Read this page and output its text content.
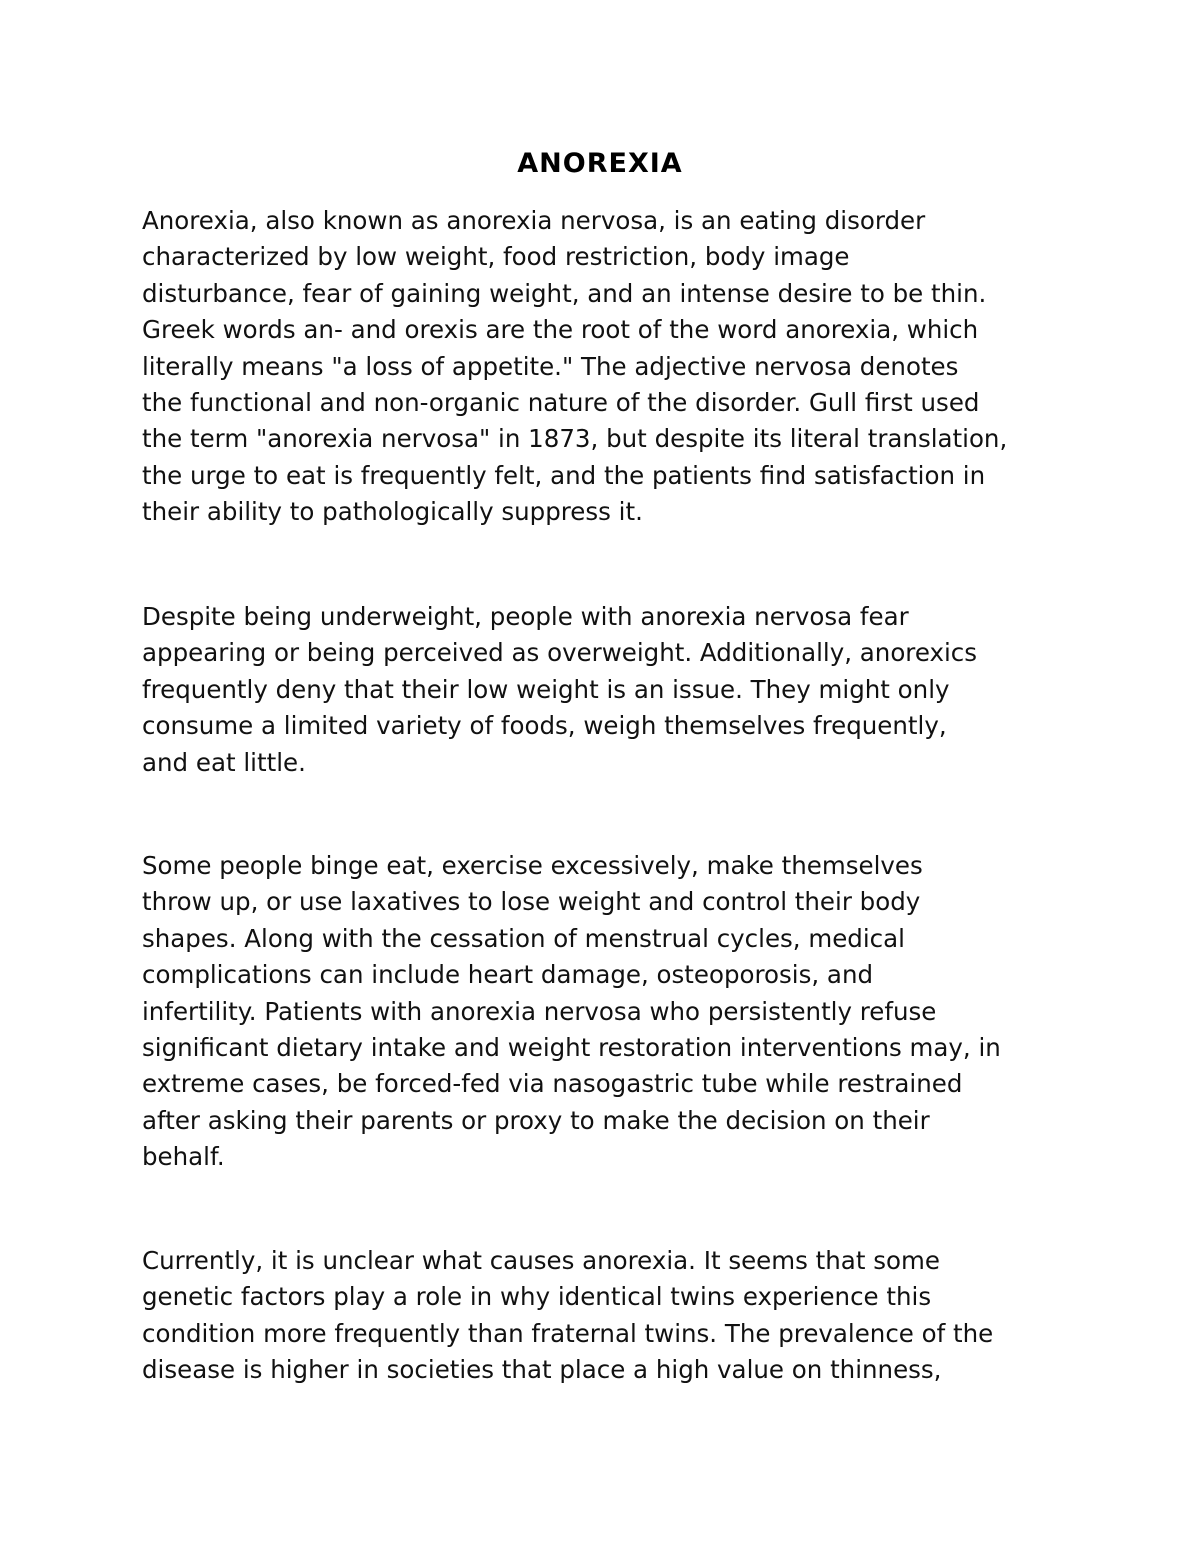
ANOREXIA

Anorexia, also known as anorexia nervosa, is an eating disorder
characterized by low weight, food restriction, body image
disturbance, fear of gaining weight, and an intense desire to be thin.
Greek words an- and orexis are the root of the word anorexia, which
literally means "a loss of appetite." The adjective nervosa denotes
the functional and non-organic nature of the disorder. Gull first used
the term "anorexia nervosa" in 1873, but despite its literal translation,
the urge to eat is frequently felt, and the patients find satisfaction in
their ability to pathologically suppress it.

Despite being underweight, people with anorexia nervosa fear
appearing or being perceived as overweight. Additionally, anorexics
frequently deny that their low weight is an issue. They might only
consume a limited variety of foods, weigh themselves frequently,
and eat little.

Some people binge eat, exercise excessively, make themselves
throw up, or use laxatives to lose weight and control their body
shapes. Along with the cessation of menstrual cycles, medical
complications can include heart damage, osteoporosis, and
infertility. Patients with anorexia nervosa who persistently refuse
significant dietary intake and weight restoration interventions may, in
extreme cases, be forced-fed via nasogastric tube while restrained
after asking their parents or proxy to make the decision on their
behalf.

Currently, it is unclear what causes anorexia. It seems that some
genetic factors play a role in why identical twins experience this
condition more frequently than fraternal twins. The prevalence of the
disease is higher in societies that place a high value on thinness,
